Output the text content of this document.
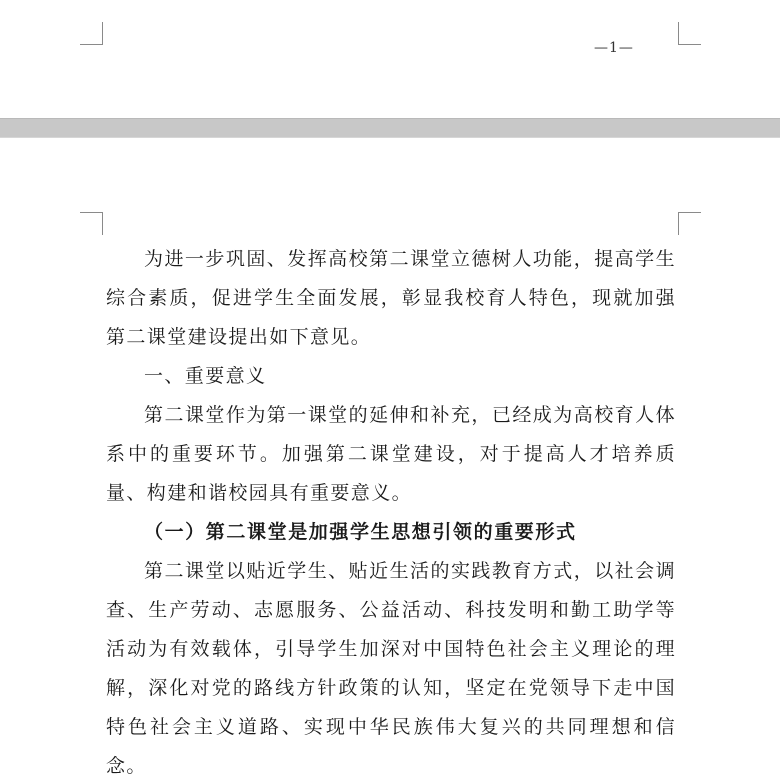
—1—

为进一步巩固、发挥高校第二课堂立德树人功能，提高学生综合素质，促进学生全面发展，彰显我校育人特色，现就加强第二课堂建设提出如下意见。

一、重要意义

第二课堂作为第一课堂的延伸和补充，已经成为高校育人体系中的重要环节。加强第二课堂建设，对于提高人才培养质量、构建和谐校园具有重要意义。

（一）第二课堂是加强学生思想引领的重要形式

第二课堂以贴近学生、贴近生活的实践教育方式，以社会调查、生产劳动、志愿服务、公益活动、科技发明和勤工助学等活动为有效载体，引导学生加深对中国特色社会主义理论的理解，深化对党的路线方针政策的认知，坚定在党领导下走中国特色社会主义道路、实现中华民族伟大复兴的共同理想和信念。
